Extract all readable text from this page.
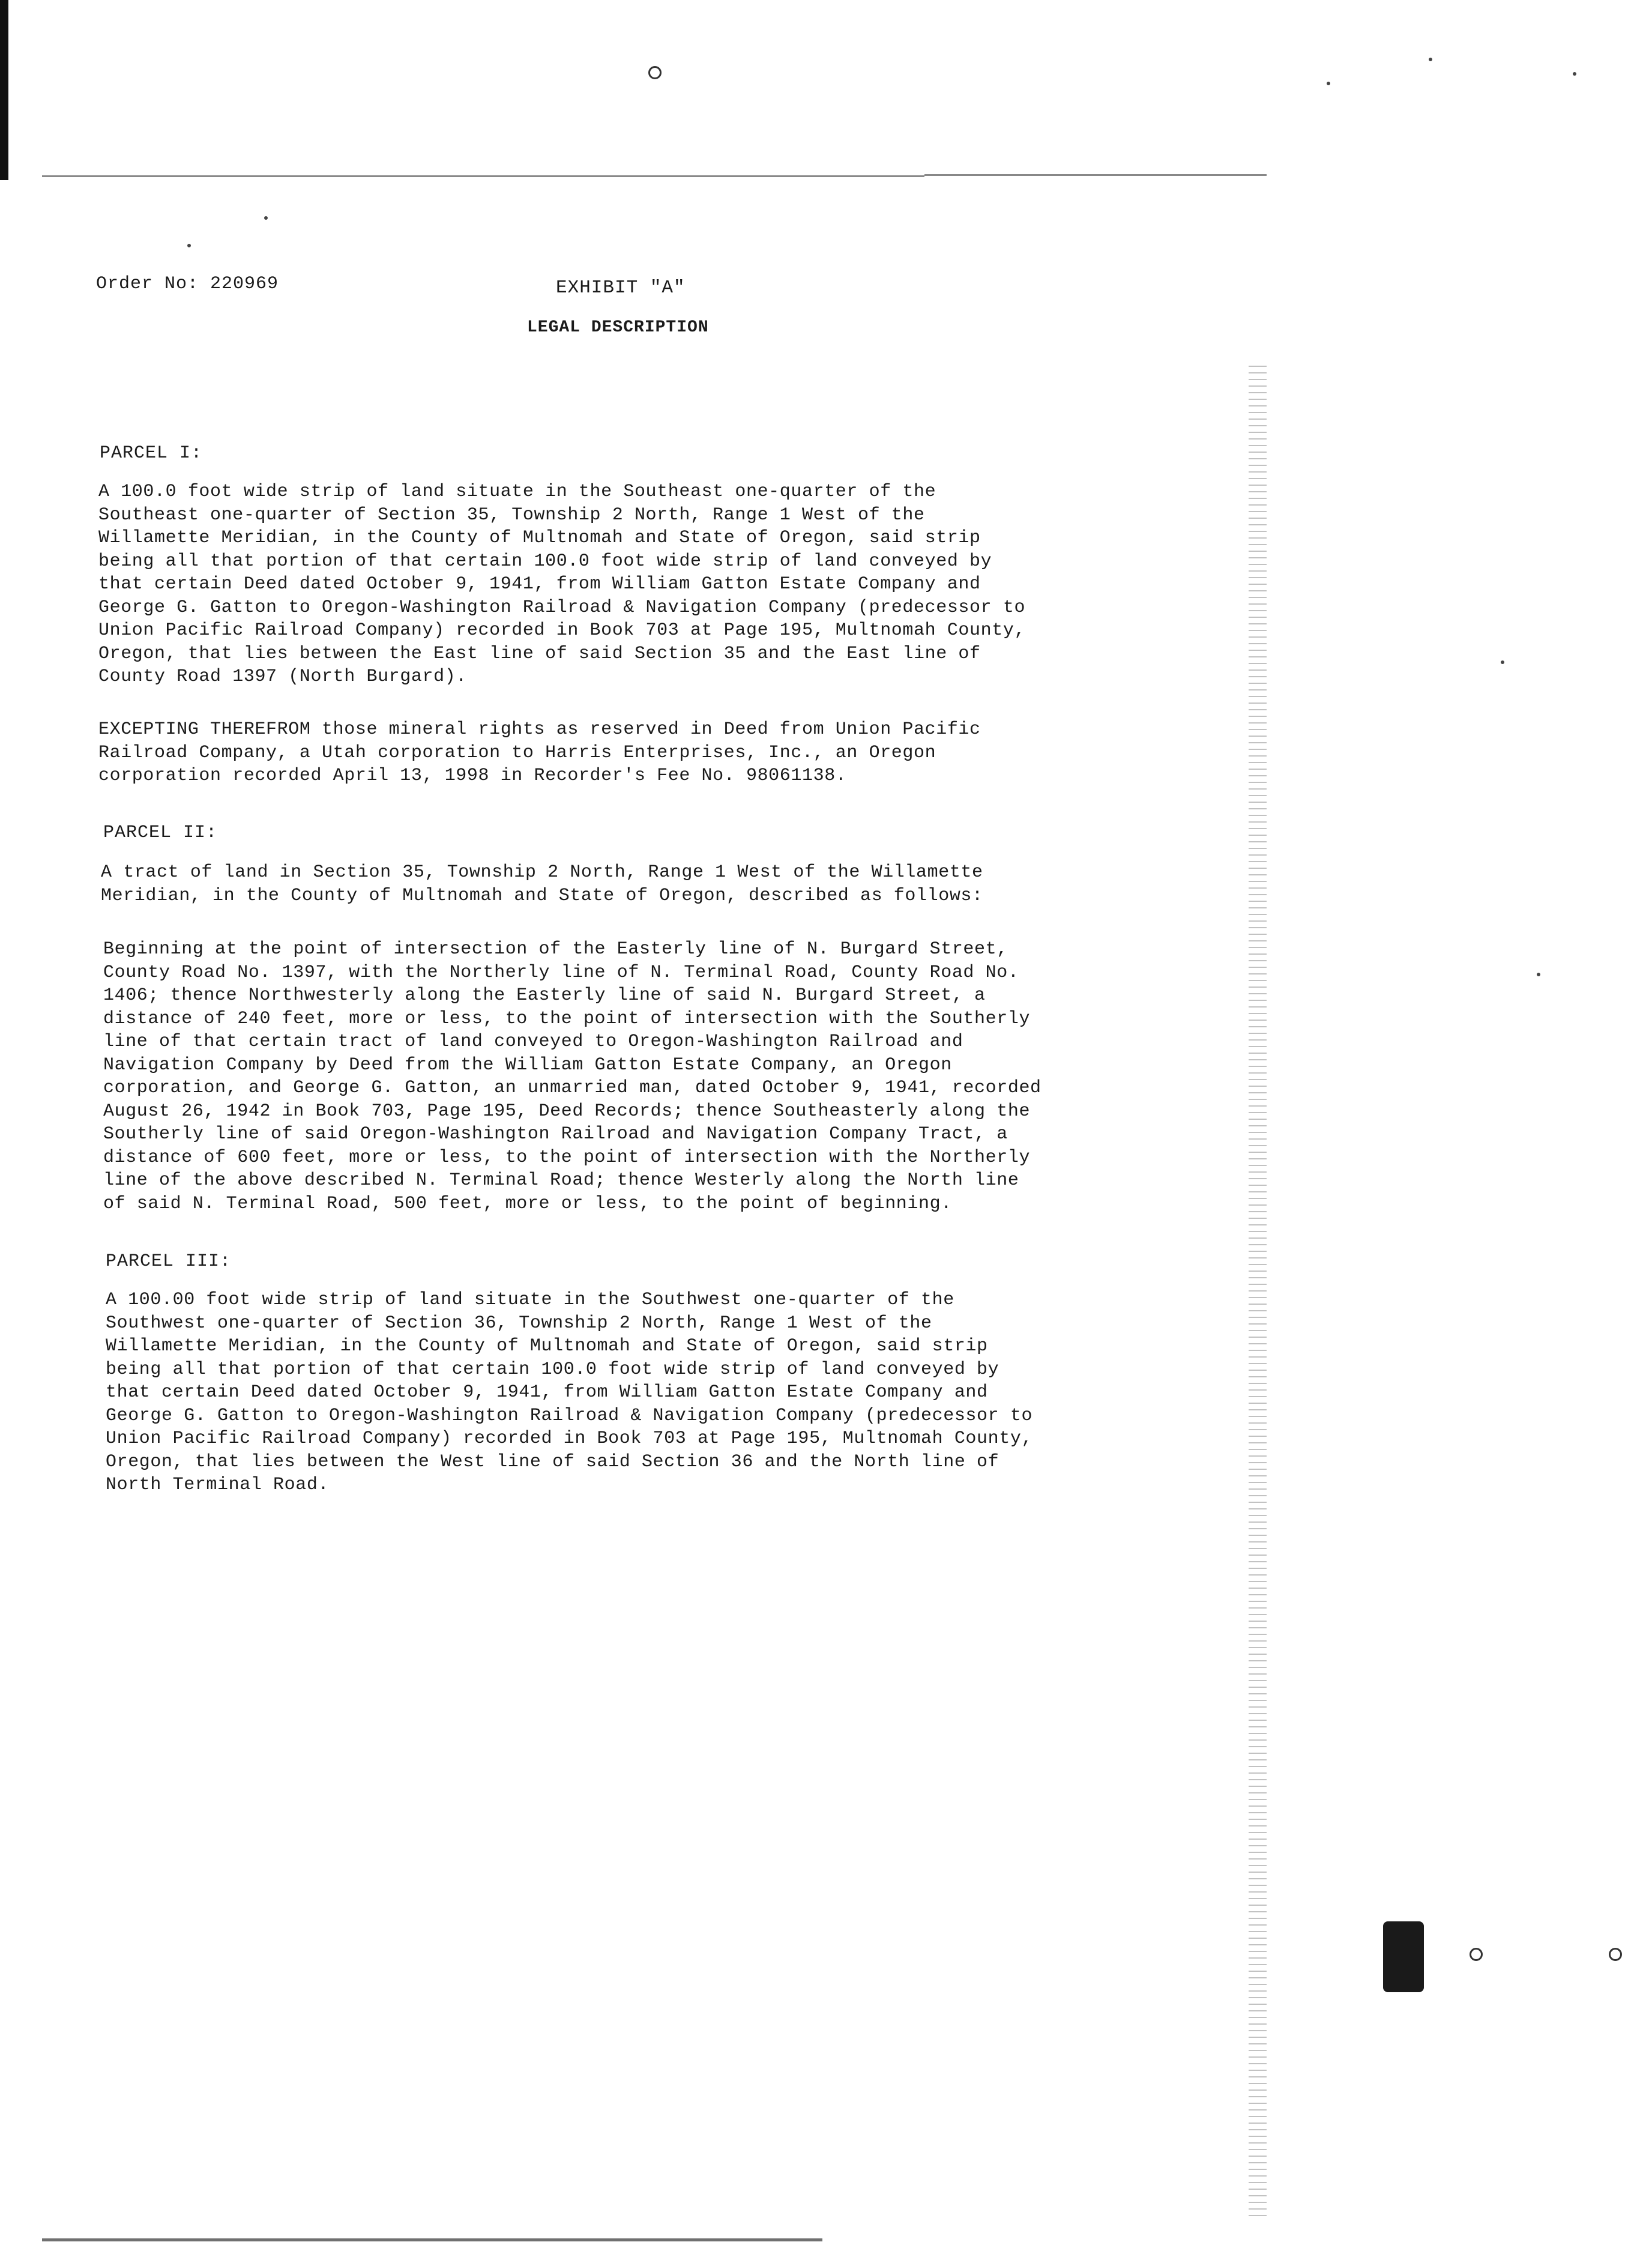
Order No: 220969	EXHIBIT "A"
LEGAL DESCRIPTION
PARCEL I:
A 100.0 foot wide strip of land situate in the Southeast one-quarter of the
Southeast one-quarter of Section 35, Township 2 North, Range 1 West of the
Willamette Meridian, in the County of Multnomah and State of Oregon, said strip
being all that portion of that certain 100.0 foot wide strip of land conveyed by
that certain Deed dated October 9, 1941, from William Gatton Estate Company and
George G. Gatton to Oregon-Washington Railroad & Navigation Company (predecessor to
Union Pacific Railroad Company) recorded in Book 703 at Page 195, Multnomah County,
Oregon, that lies between the East line of said Section 35 and the East line of
County Road 1397 (North Burgard).
EXCEPTING THEREFROM those mineral rights as reserved in Deed from Union Pacific
Railroad Company, a Utah corporation to Harris Enterprises, Inc., an Oregon
corporation recorded April 13, 1998 in Recorder's Fee No. 98061138.
PARCEL II:
A tract of land in Section 35, Township 2 North, Range 1 West of the Willamette
Meridian, in the County of Multnomah and State of Oregon, described as follows:
Beginning at the point of intersection of the Easterly line of N. Burgard Street,
County Road No. 1397, with the Northerly line of N. Terminal Road, County Road No.
1406; thence Northwesterly along the Easterly line of said N. Burgard Street, a
distance of 240 feet, more or less, to the point of intersection with the Southerly
line of that certain tract of land conveyed to Oregon-Washington Railroad and
Navigation Company by Deed from the William Gatton Estate Company, an Oregon
corporation, and George G. Gatton, an unmarried man, dated October 9, 1941, recorded
August 26, 1942 in Book 703, Page 195, Deed Records; thence Southeasterly along the
Southerly line of said Oregon-Washington Railroad and Navigation Company Tract, a
distance of 600 feet, more or less, to the point of intersection with the Northerly
line of the above described N. Terminal Road; thence Westerly along the North line
of said N. Terminal Road, 500 feet, more or less, to the point of beginning.
PARCEL III:
A 100.00 foot wide strip of land situate in the Southwest one-quarter of the
Southwest one-quarter of Section 36, Township 2 North, Range 1 West of the
Willamette Meridian, in the County of Multnomah and State of Oregon, said strip
being all that portion of that certain 100.0 foot wide strip of land conveyed by
that certain Deed dated October 9, 1941, from William Gatton Estate Company and
George G. Gatton to Oregon-Washington Railroad & Navigation Company (predecessor to
Union Pacific Railroad Company) recorded in Book 703 at Page 195, Multnomah County,
Oregon, that lies between the West line of said Section 36 and the North line of
North Terminal Road.
